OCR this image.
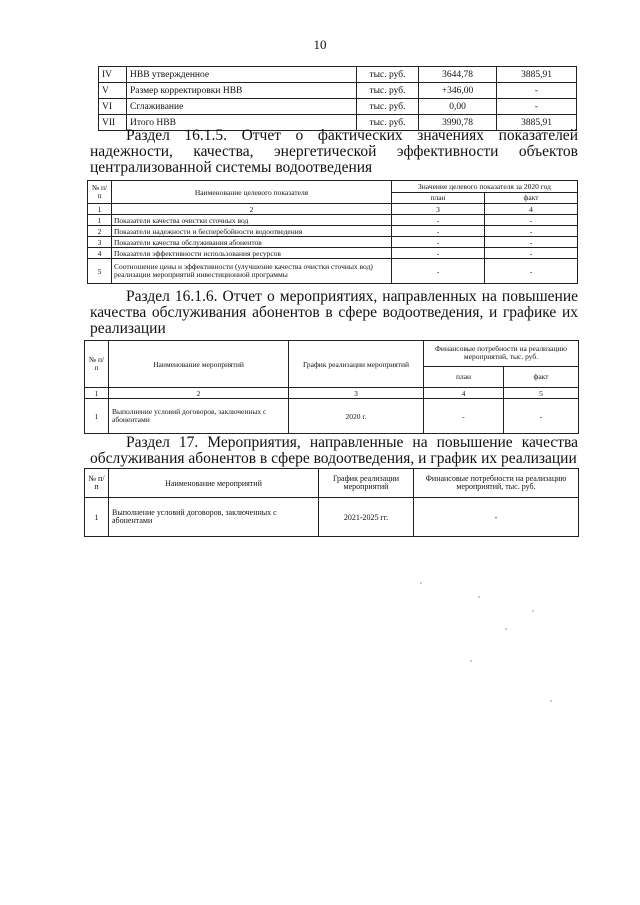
10
IV	НВВ утвержденное	тыс. руб.	3644,78	3885,91
V	Размер корректировки НВВ	тыс. руб.	+346,00	-
VI	Сглаживание	тыс. руб.	0,00	-
VII	Итого НВВ	тыс. руб.	3990,78	3885,91
Раздел 16.1.5. Отчет о фактических значениях показателей надежности, качества, энергетической эффективности объектов централизованной системы водоотведения
№ п/п	Наименование целевого показателя	Значение целевого показателя за 2020 год	
		план	факт
1	2	3	4
1	Показатели качества очистки сточных вод	-	-
2	Показатели надежности и бесперебойности водоотведения	-	-
3	Показатели качества обслуживания абонентов	-	-
4	Показатели эффективности использования ресурсов	-	-
5	Соотношение цены и эффективности (улучшение качества очистки сточных вод) реализации мероприятий инвестиционной программы	-	-
Раздел 16.1.6. Отчет о мероприятиях, направленных на повышение качества обслуживания абонентов в сфере водоотведения, и графике их реализации
№ п/п	Наименование мероприятий	График реализации мероприятий	Финансовые потребности на реализацию мероприятий, тыс. руб.	
			план	факт
1	2	3	4	5
1	Выполнение условий договоров, заключенных с абонентами	2020 г.	-	-
Раздел 17. Мероприятия, направленные на повышение качества обслуживания абонентов в сфере водоотведения, и график их реализации
№ п/п	Наименование мероприятий	График реализации мероприятий	Финансовые потребности на реализацию мероприятий, тыс. руб.
1	Выполнение условий договоров, заключенных с абонентами	2021-2025 гг.	-
